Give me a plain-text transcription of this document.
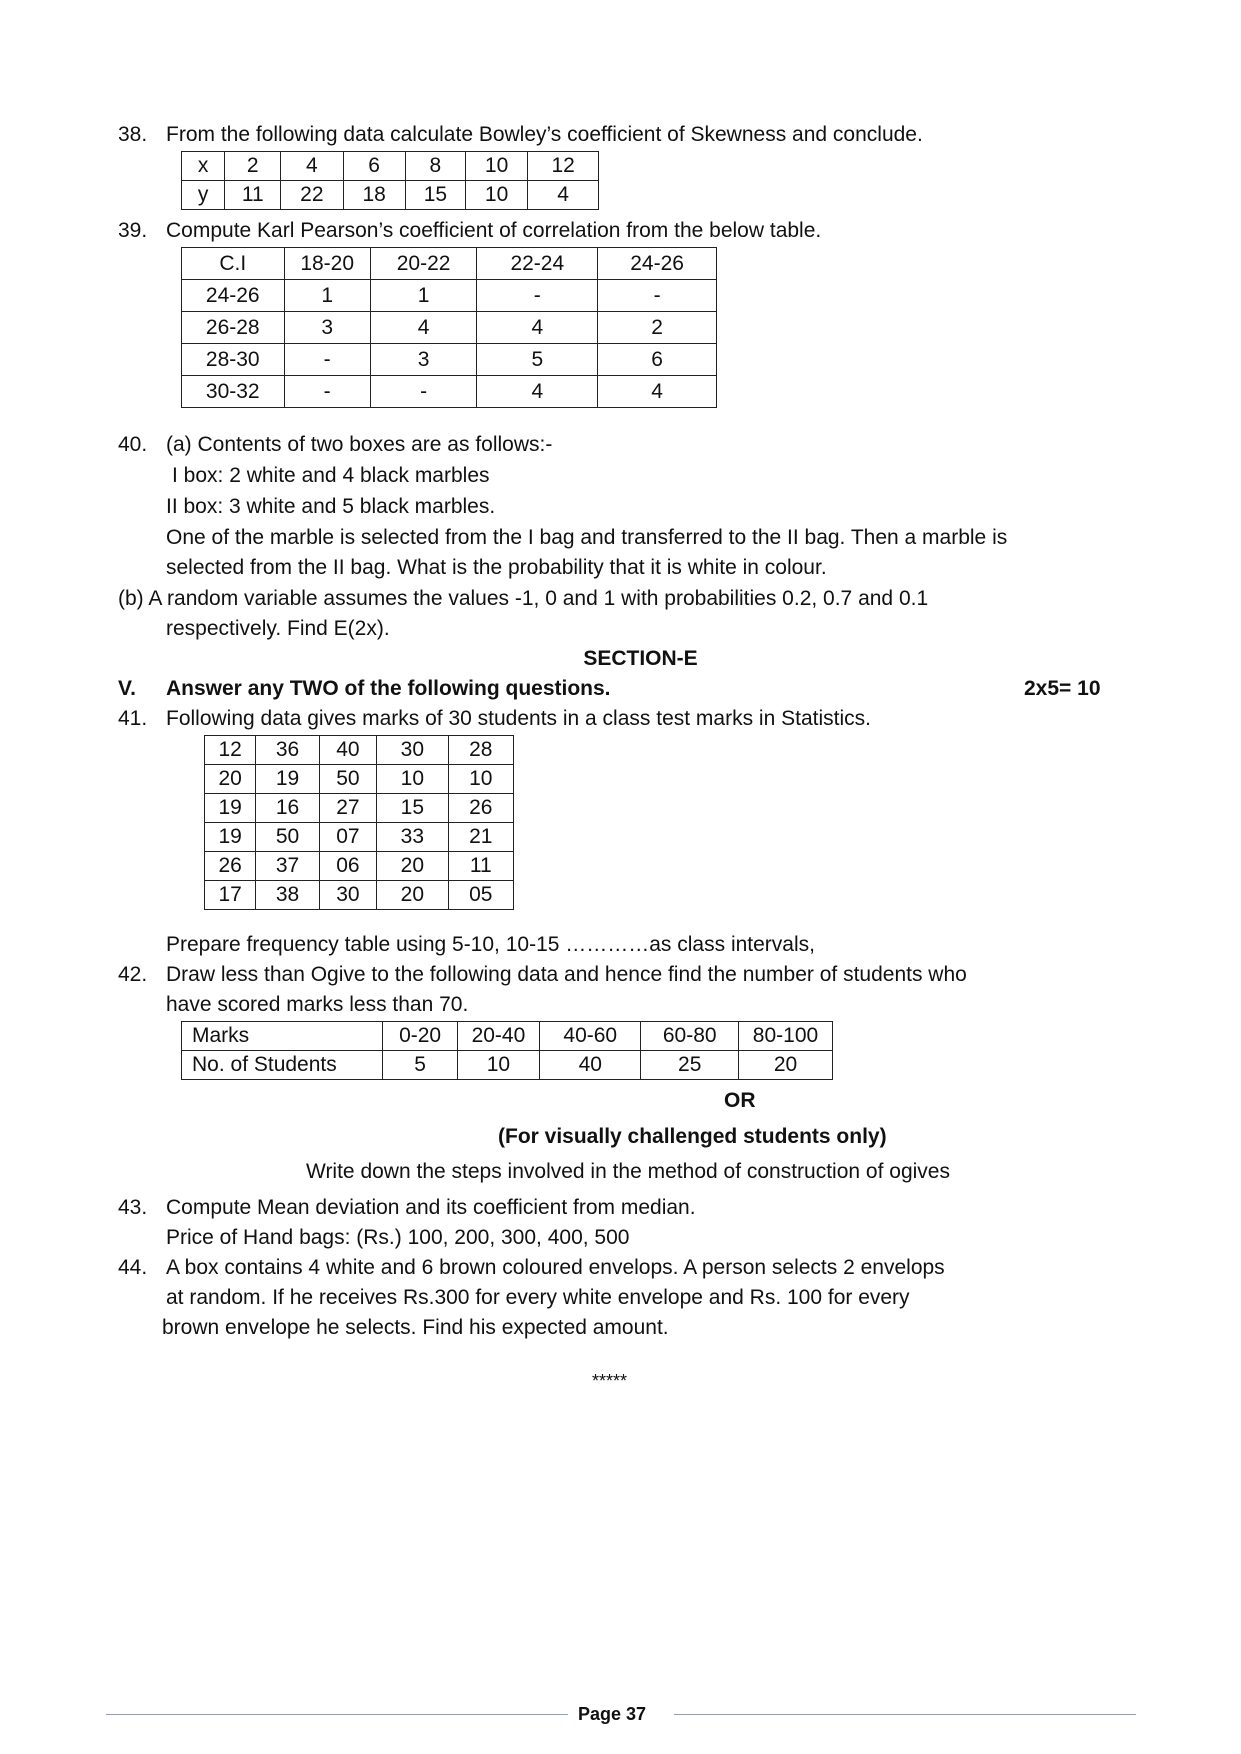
38. From the following data calculate Bowley’s coefficient of Skewness and conclude.
x	2	4	6	8	10	12
y	11	22	18	15	10	4
39. Compute Karl Pearson’s coefficient of correlation from the below table.
C.I	18-20	20-22	22-24	24-26
24-26	1	1	-	-
26-28	3	4	4	2
28-30	-	3	5	6
30-32	-	-	4	4
40. (a) Contents of two boxes are as follows:-
I box: 2 white and 4 black marbles
II box: 3 white and 5 black marbles.
One of the marble is selected from the I bag and transferred to the II bag. Then a marble is
selected from the II bag. What is the probability that it is white in colour.
(b) A random variable assumes the values -1, 0 and 1 with probabilities 0.2, 0.7 and 0.1
respectively. Find E(2x).
SECTION-E
V. Answer any TWO of the following questions.	2x5= 10
41. Following data gives marks of 30 students in a class test marks in Statistics.
12	36	40	30	28
20	19	50	10	10
19	16	27	15	26
19	50	07	33	21
26	37	06	20	11
17	38	30	20	05
Prepare frequency table using 5-10, 10-15 …………as class intervals,
42. Draw less than Ogive to the following data and hence find the number of students who
have scored marks less than 70.
Marks	0-20	20-40	40-60	60-80	80-100
No. of Students	5	10	40	25	20
OR
(For visually challenged students only)
Write down the steps involved in the method of construction of ogives
43. Compute Mean deviation and its coefficient from median.
Price of Hand bags: (Rs.) 100, 200, 300, 400, 500
44. A box contains 4 white and 6 brown coloured envelops. A person selects 2 envelops
at random. If he receives Rs.300 for every white envelope and Rs. 100 for every
brown envelope he selects. Find his expected amount.
*****
Page 37
